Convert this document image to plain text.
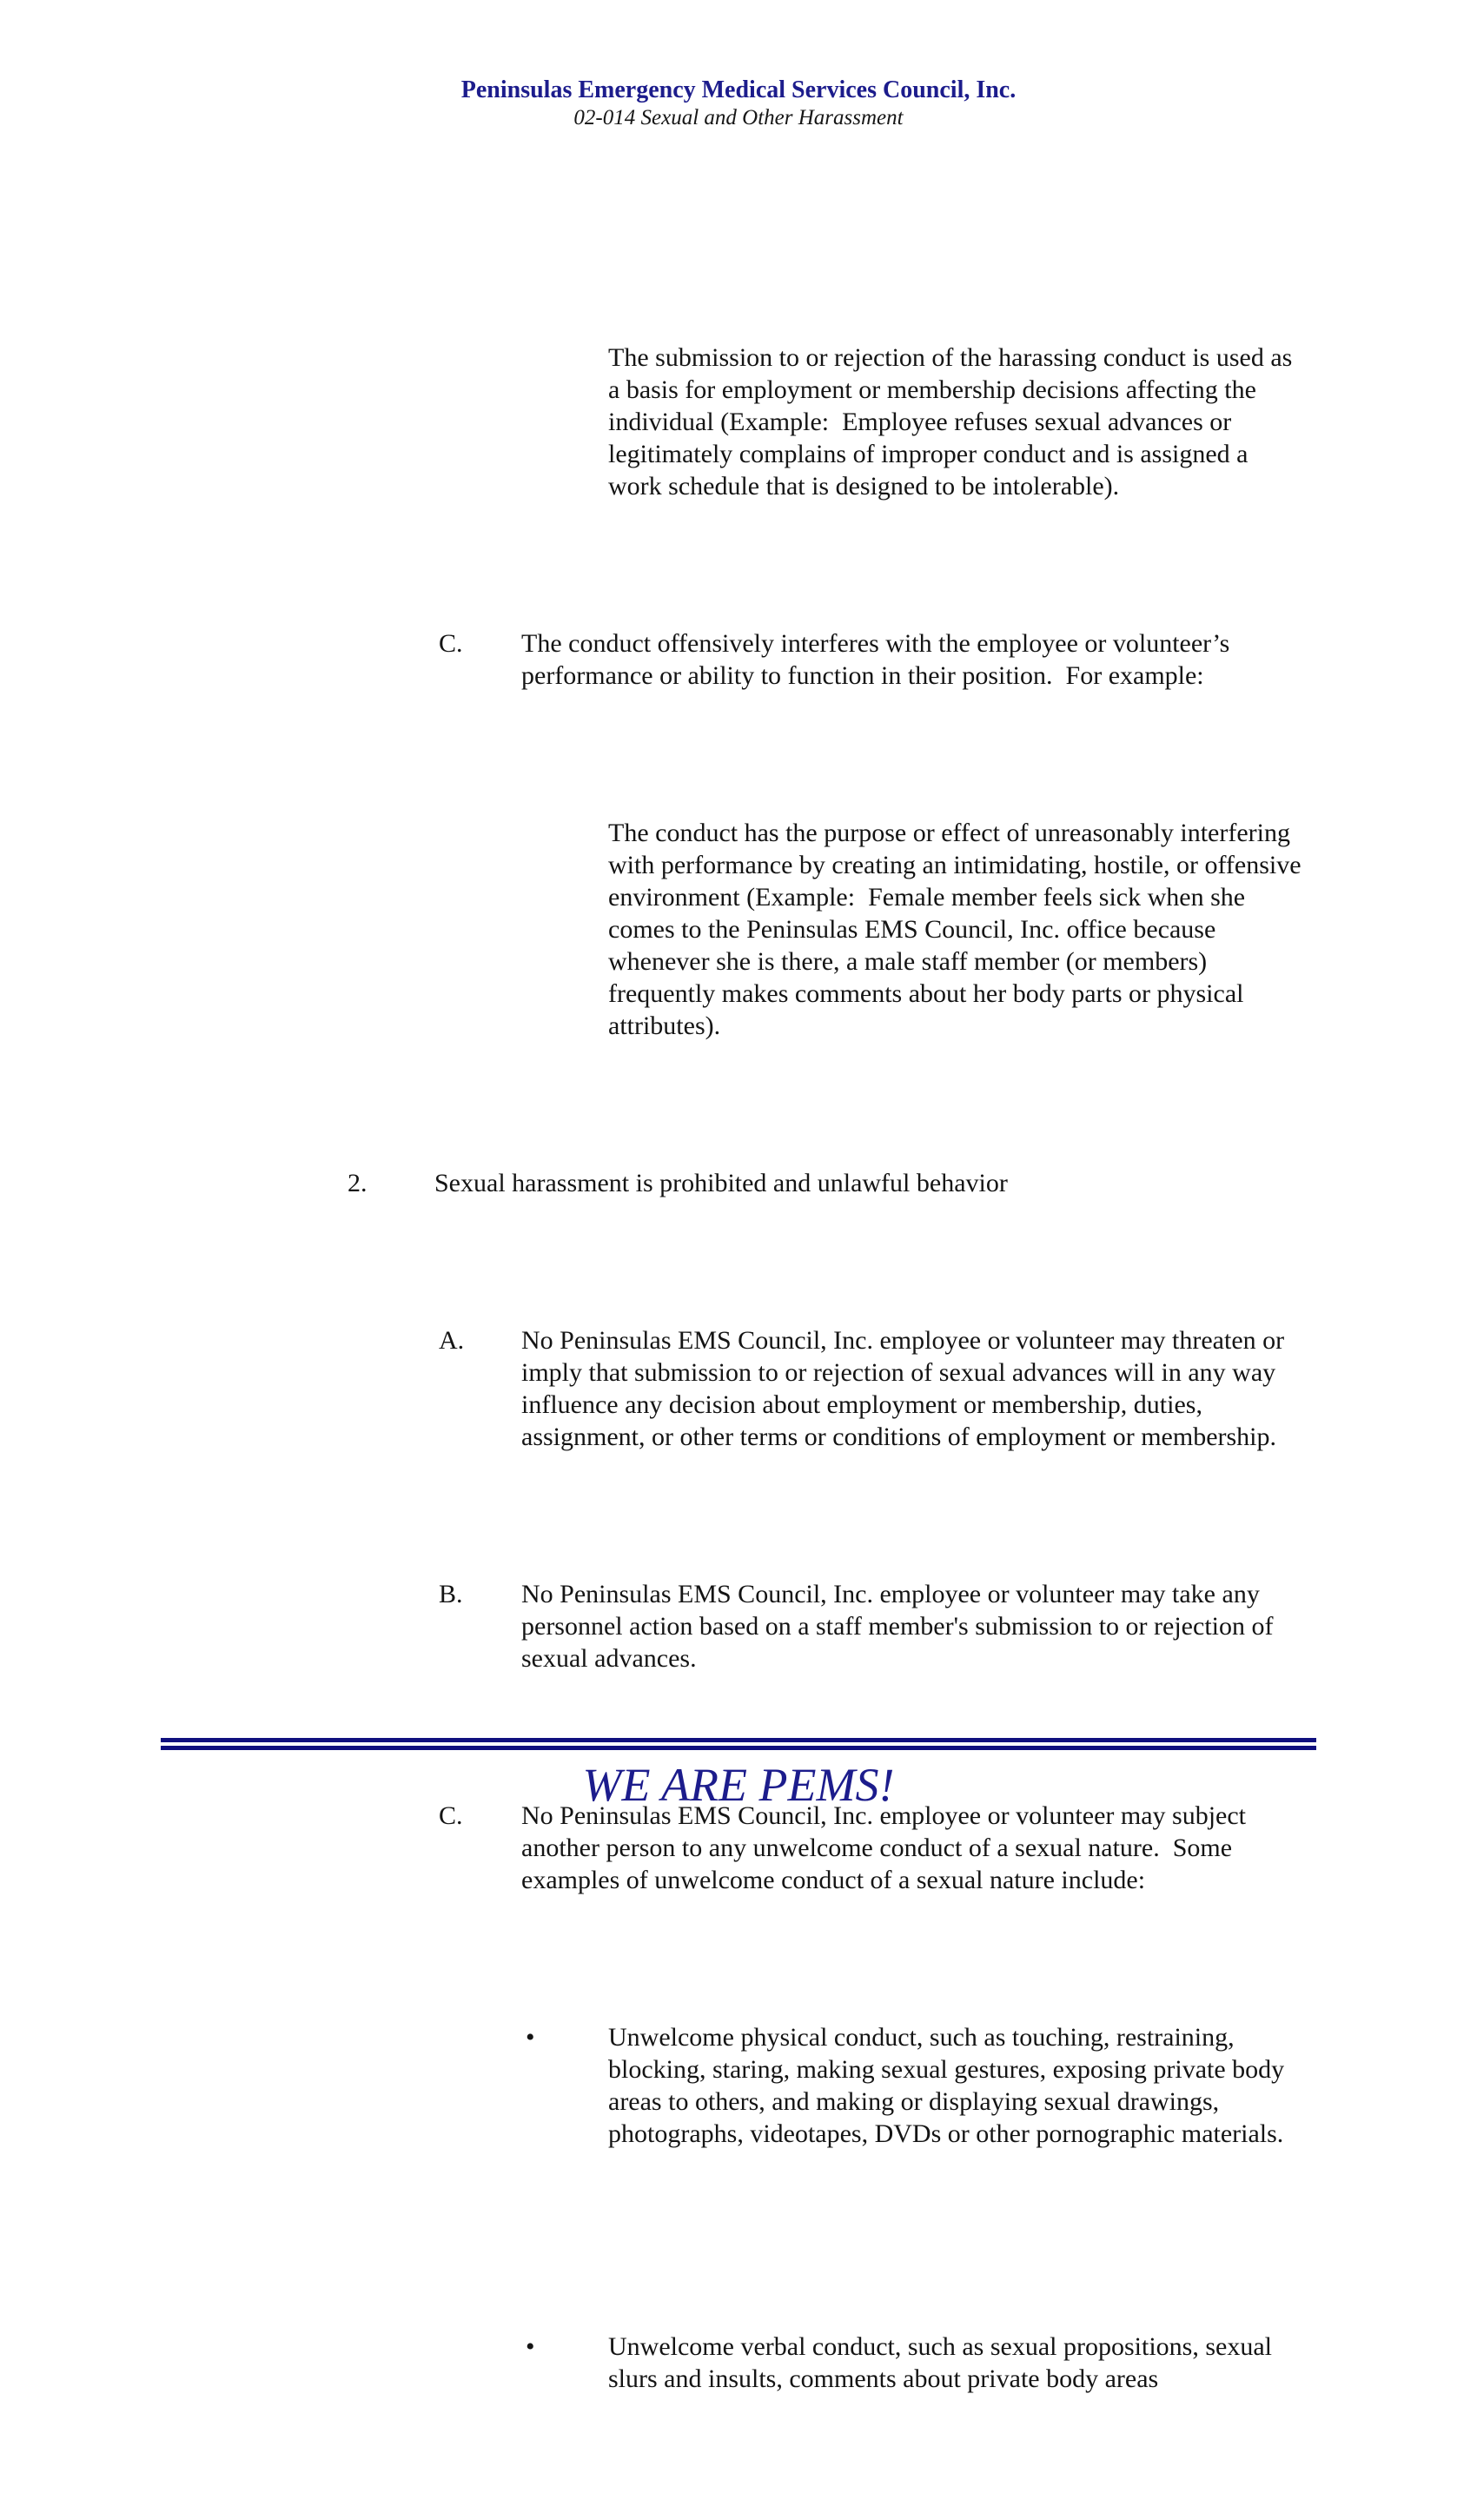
Peninsulas Emergency Medical Services Council, Inc.
02-014 Sexual and Other Harassment

The submission to or rejection of the harassing conduct is used as a basis for employment or membership decisions affecting the individual (Example:  Employee refuses sexual advances or legitimately complains of improper conduct and is assigned a work schedule that is designed to be intolerable).

C.	The conduct offensively interferes with the employee or volunteer’s performance or ability to function in their position.  For example:

The conduct has the purpose or effect of unreasonably interfering with performance by creating an intimidating, hostile, or offensive environment (Example:  Female member feels sick when she comes to the Peninsulas EMS Council, Inc. office because whenever she is there, a male staff member (or members) frequently makes comments about her body parts or physical attributes).

2.	Sexual harassment is prohibited and unlawful behavior

A.	No Peninsulas EMS Council, Inc. employee or volunteer may threaten or imply that submission to or rejection of sexual advances will in any way influence any decision about employment or membership, duties, assignment, or other terms or conditions of employment or membership.

B.	No Peninsulas EMS Council, Inc. employee or volunteer may take any personnel action based on a staff member's submission to or rejection of sexual advances.

C.	No Peninsulas EMS Council, Inc. employee or volunteer may subject another person to any unwelcome conduct of a sexual nature.  Some examples of unwelcome conduct of a sexual nature include:

•	Unwelcome physical conduct, such as touching, restraining, blocking, staring, making sexual gestures, exposing private body areas to others, and making or displaying sexual drawings, photographs, videotapes, DVDs or other pornographic materials.

•	Unwelcome verbal conduct, such as sexual propositions, sexual slurs and insults, comments about private body areas

WE ARE PEMS!
